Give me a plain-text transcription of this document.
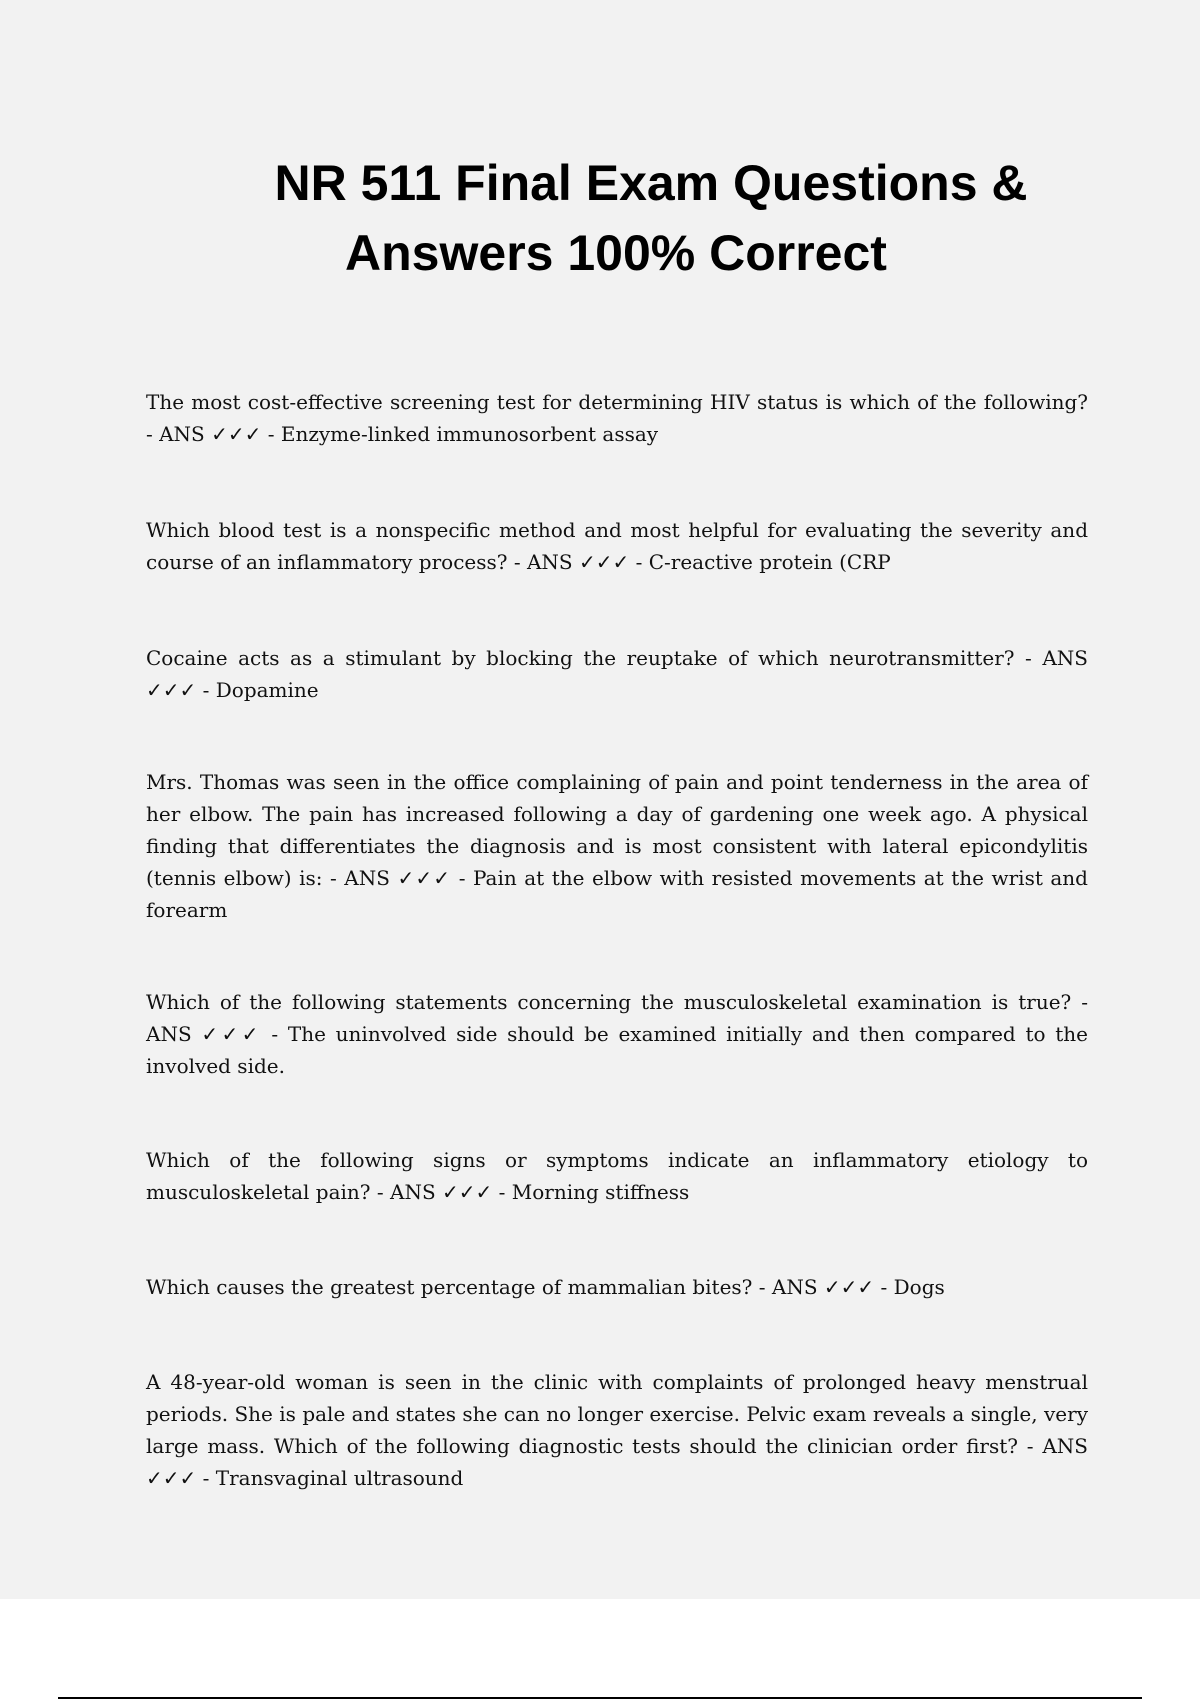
NR 511 Final Exam Questions &
Answers 100% Correct

The most cost-effective screening test for determining HIV status is which of the following? - ANS ✓✓✓ - Enzyme-linked immunosorbent assay

Which blood test is a nonspecific method and most helpful for evaluating the severity and course of an inflammatory process? - ANS ✓✓✓ - C-reactive protein (CRP

Cocaine acts as a stimulant by blocking the reuptake of which neurotransmitter? - ANS ✓✓✓ - Dopamine

Mrs. Thomas was seen in the office complaining of pain and point tenderness in the area of her elbow. The pain has increased following a day of gardening one week ago. A physical finding that differentiates the diagnosis and is most consistent with lateral epicondylitis (tennis elbow) is: - ANS ✓✓✓ - Pain at the elbow with resisted movements at the wrist and forearm

Which of the following statements concerning the musculoskeletal examination is true? - ANS ✓✓✓ - The uninvolved side should be examined initially and then compared to the involved side.

Which of the following signs or symptoms indicate an inflammatory etiology to musculoskeletal pain? - ANS ✓✓✓ - Morning stiffness

Which causes the greatest percentage of mammalian bites? - ANS ✓✓✓ - Dogs

A 48-year-old woman is seen in the clinic with complaints of prolonged heavy menstrual periods. She is pale and states she can no longer exercise. Pelvic exam reveals a single, very large mass. Which of the following diagnostic tests should the clinician order first? - ANS ✓✓✓ - Transvaginal ultrasound
